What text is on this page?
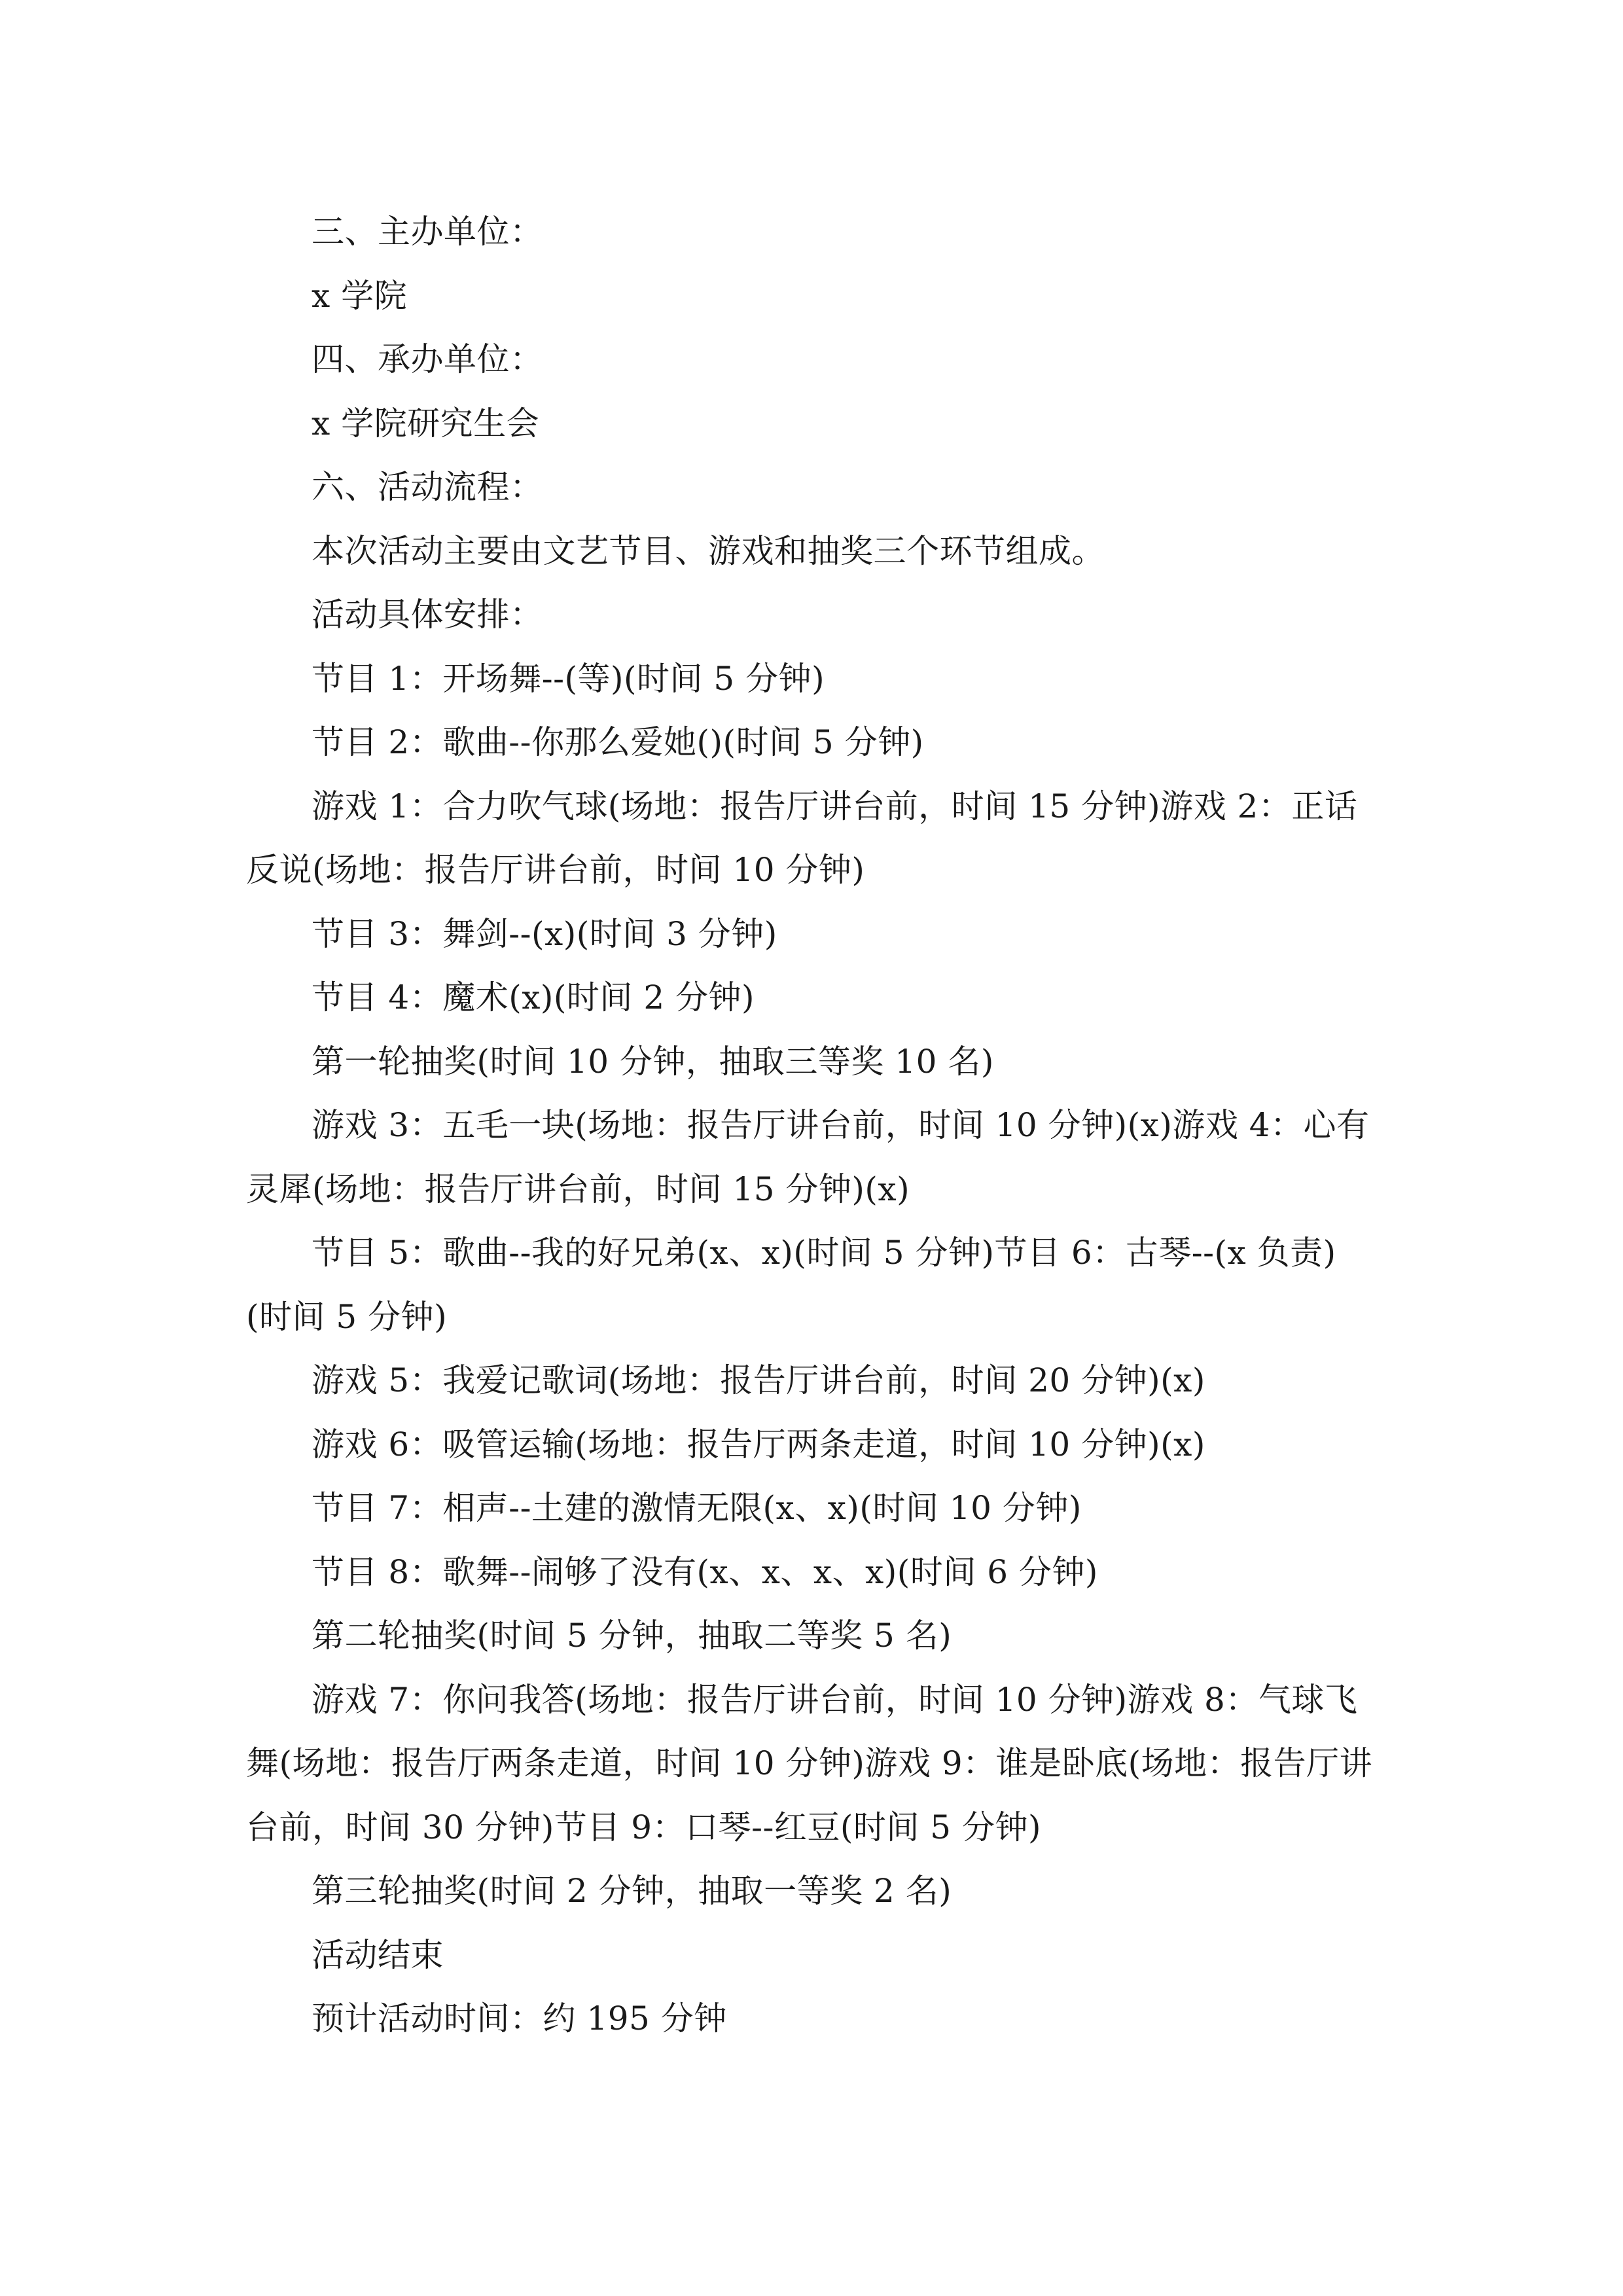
三、主办单位：

x 学院

四、承办单位：

x 学院研究生会

六、活动流程：

本次活动主要由文艺节目、游戏和抽奖三个环节组成。

活动具体安排：

节目 1：开场舞--(等)(时间 5 分钟)

节目 2：歌曲--你那么爱她()(时间 5 分钟)

游戏 1：合力吹气球(场地：报告厅讲台前，时间 15 分钟)游戏 2：正话反说(场地：报告厅讲台前，时间 10 分钟)

节目 3：舞剑--(x)(时间 3 分钟)

节目 4：魔术(x)(时间 2 分钟)

第一轮抽奖(时间 10 分钟，抽取三等奖 10 名)

游戏 3：五毛一块(场地：报告厅讲台前，时间 10 分钟)(x)游戏 4：心有灵犀(场地：报告厅讲台前，时间 15 分钟)(x)

节目 5：歌曲--我的好兄弟(x、x)(时间 5 分钟)节目 6：古琴--(x 负责)(时间 5 分钟)

游戏 5：我爱记歌词(场地：报告厅讲台前，时间 20 分钟)(x)

游戏 6：吸管运输(场地：报告厅两条走道，时间 10 分钟)(x)

节目 7：相声--土建的激情无限(x、x)(时间 10 分钟)

节目 8：歌舞--闹够了没有(x、x、x、x)(时间 6 分钟)

第二轮抽奖(时间 5 分钟，抽取二等奖 5 名)

游戏 7：你问我答(场地：报告厅讲台前，时间 10 分钟)游戏 8：气球飞舞(场地：报告厅两条走道，时间 10 分钟)游戏 9：谁是卧底(场地：报告厅讲台前，时间 30 分钟)节目 9：口琴--红豆(时间 5 分钟)

第三轮抽奖(时间 2 分钟，抽取一等奖 2 名)

活动结束

预计活动时间：约 195 分钟
